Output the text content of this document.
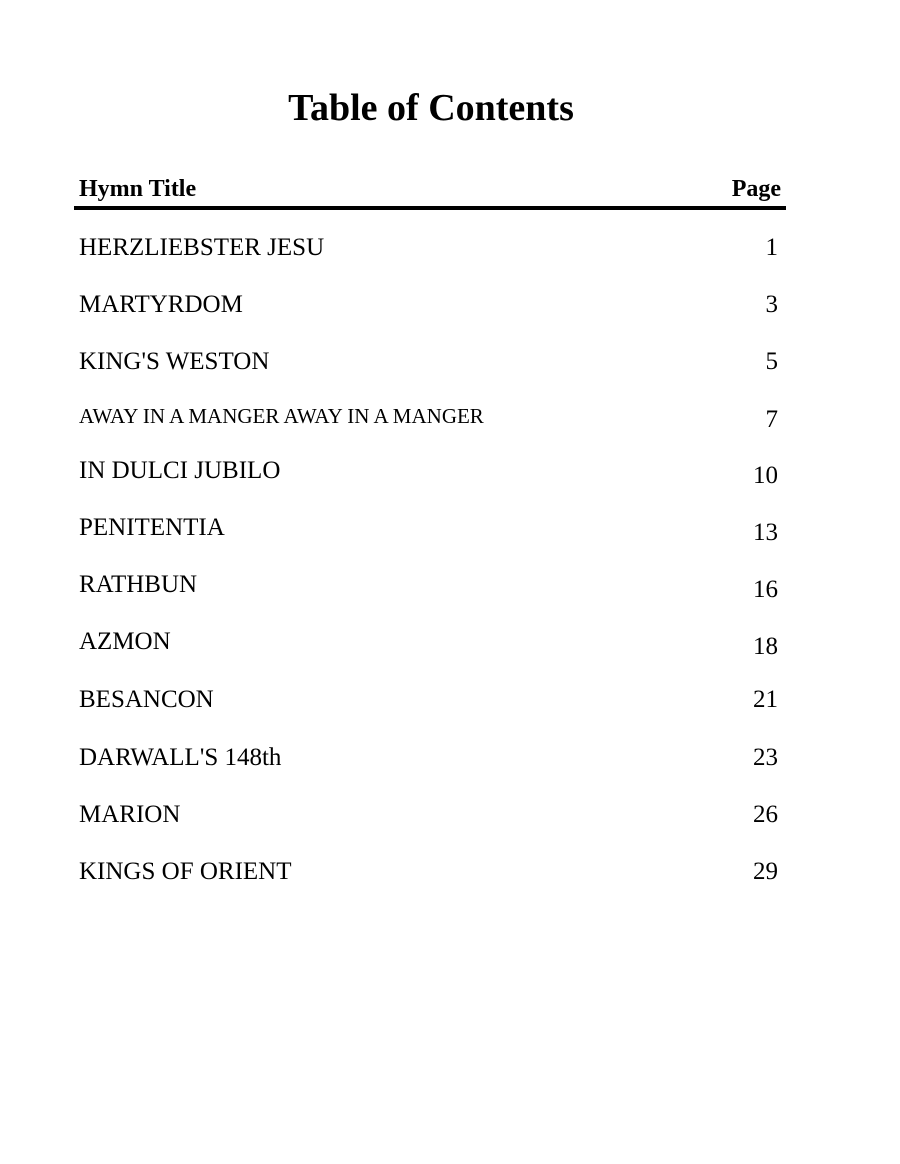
Table of Contents
Hymn Title	Page
HERZLIEBSTER JESU	1
MARTYRDOM	3
KING'S WESTON	5
AWAY IN A MANGER AWAY IN A MANGER	7
IN DULCI JUBILO	10
PENITENTIA	13
RATHBUN	16
AZMON	18
BESANCON	21
DARWALL'S 148th	23
MARION	26
KINGS OF ORIENT	29
